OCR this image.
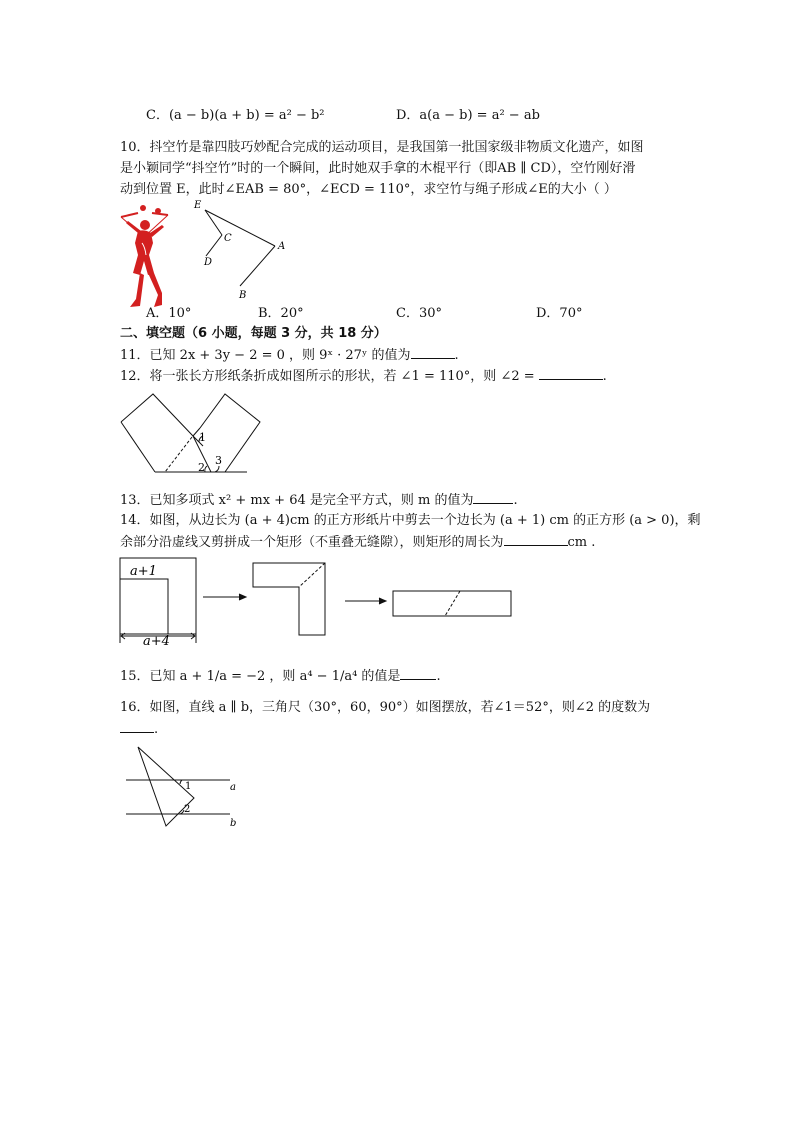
C．(a − b)(a + b) = a² − b²	D．a(a − b) = a² − ab
10．抖空竹是靠四肢巧妙配合完成的运动项目，是我国第一批国家级非物质文化遗产，如图
是小颖同学“抖空竹”时的一个瞬间，此时她双手拿的木棍平行（即AB ∥ CD），空竹刚好滑
动到位置 E，此时∠EAB = 80°，∠ECD = 110°，求空竹与绳子形成∠E的大小（ ）
E
C
A
D
B
A．10°	B．20°	C．30°	D．70°
二、填空题（6 小题，每题 3 分，共 18 分）
11．已知 2x + 3y − 2 = 0 ，则 9ˣ · 27ʸ 的值为	.
12．将一张长方形纸条折成如图所示的形状，若 ∠1 = 110°，则 ∠2 =	.
1
2
3
13．已知多项式 x² + mx + 64 是完全平方式，则 m 的值为	.
14．如图，从边长为 (a + 4)cm 的正方形纸片中剪去一个边长为 (a + 1) cm 的正方形 (a > 0)，剩
余部分沿虚线又剪拼成一个矩形（不重叠无缝隙），则矩形的周长为	cm .
a+1
a+4
15．已知 a + 1/a = −2 ，则 a⁴ − 1/a⁴ 的值是	.
16．如图，直线 a ∥ b，三角尺（30°，60，90°）如图摆放，若∠1＝52°，则∠2 的度数为
.
1
2
a
b
